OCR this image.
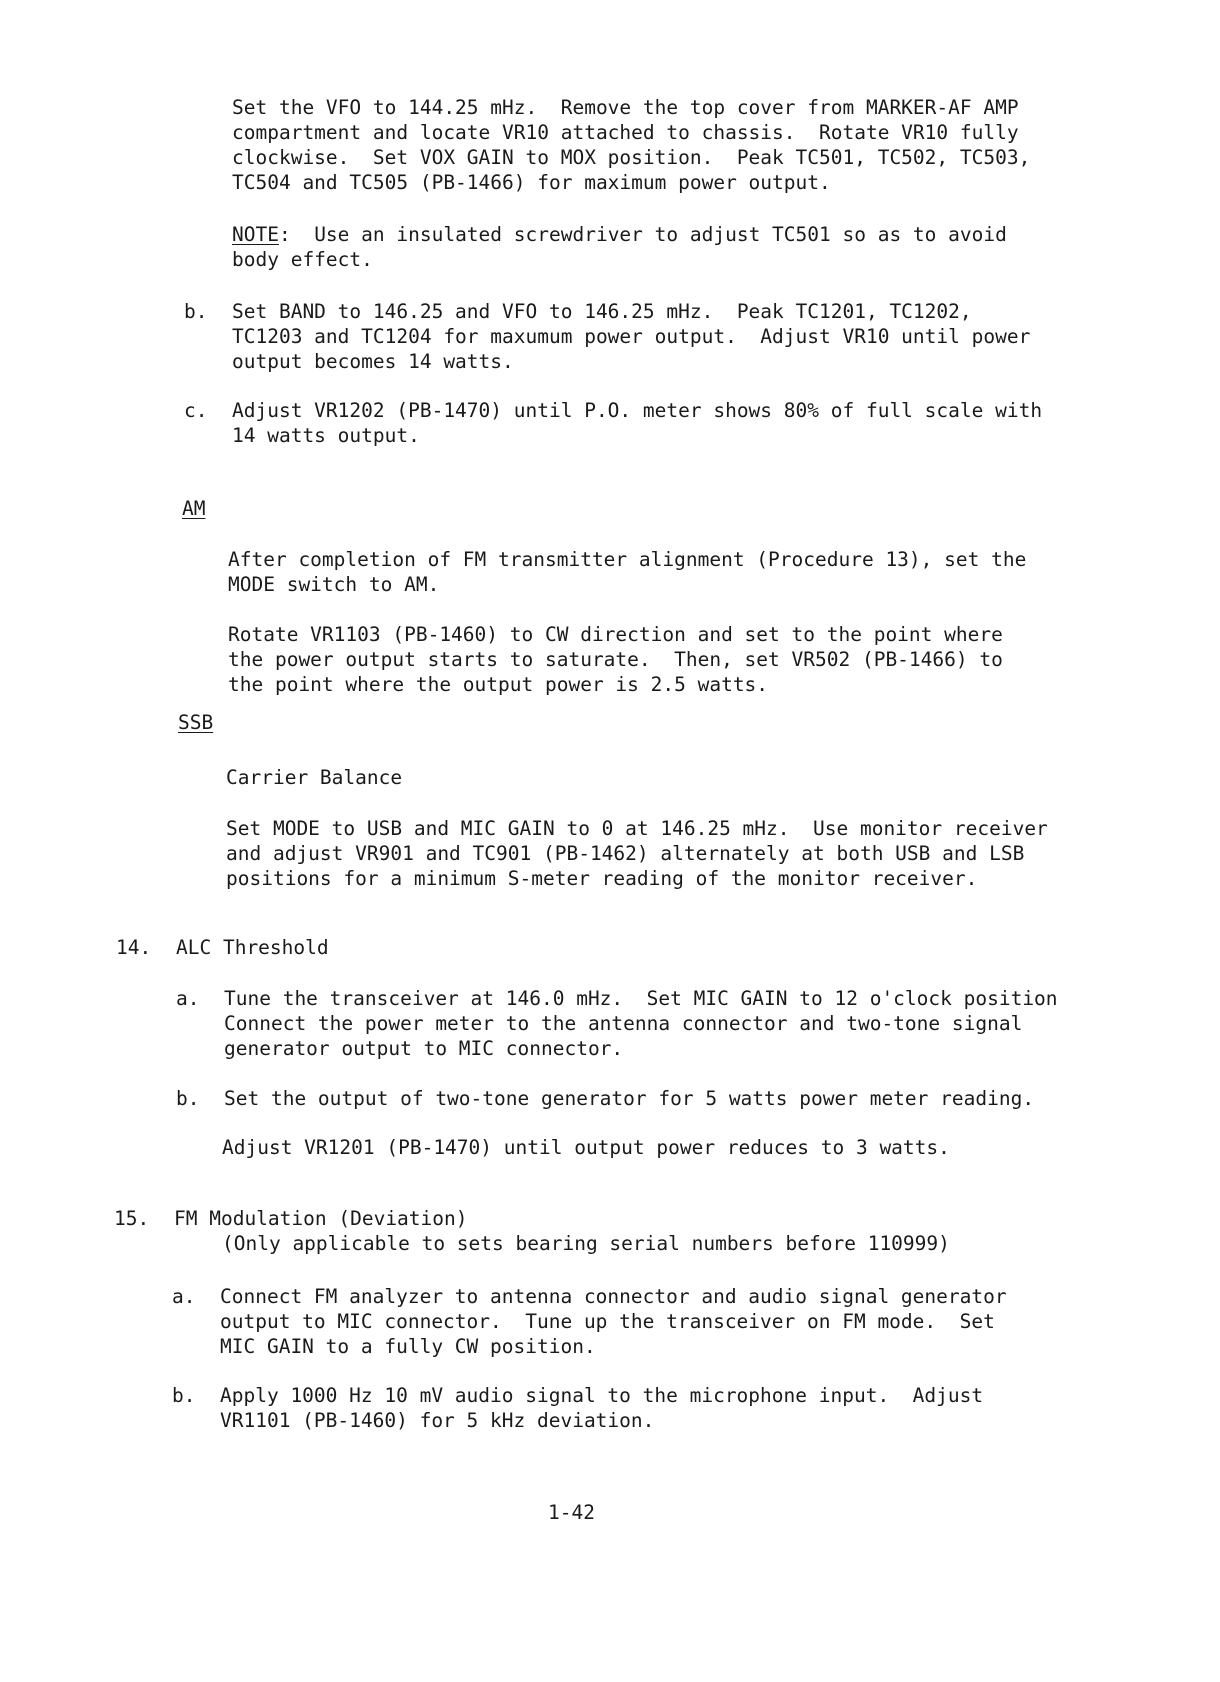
Set the VFO to 144.25 mHz.  Remove the top cover from MARKER-AF AMP
compartment and locate VR10 attached to chassis.  Rotate VR10 fully
clockwise.  Set VOX GAIN to MOX position.  Peak TC501, TC502, TC503,
TC504 and TC505 (PB-1466) for maximum power output.
NOTE:  Use an insulated screwdriver to adjust TC501 so as to avoid
body effect.
b. Set BAND to 146.25 and VFO to 146.25 mHz.  Peak TC1201, TC1202,
TC1203 and TC1204 for maxumum power output.  Adjust VR10 until power
output becomes 14 watts.
c. Adjust VR1202 (PB-1470) until P.O. meter shows 80% of full scale with
14 watts output.
AM
After completion of FM transmitter alignment (Procedure 13), set the
MODE switch to AM.
Rotate VR1103 (PB-1460) to CW direction and set to the point where
the power output starts to saturate.  Then, set VR502 (PB-1466) to
the point where the output power is 2.5 watts.
SSB
Carrier Balance
Set MODE to USB and MIC GAIN to 0 at 146.25 mHz.  Use monitor receiver
and adjust VR901 and TC901 (PB-1462) alternately at both USB and LSB
positions for a minimum S-meter reading of the monitor receiver.
14. ALC Threshold
a. Tune the transceiver at 146.0 mHz.  Set MIC GAIN to 12 o'clock position
Connect the power meter to the antenna connector and two-tone signal
generator output to MIC connector.
b. Set the output of two-tone generator for 5 watts power meter reading.
Adjust VR1201 (PB-1470) until output power reduces to 3 watts.
15. FM Modulation (Deviation)
(Only applicable to sets bearing serial numbers before 110999)
a. Connect FM analyzer to antenna connector and audio signal generator
output to MIC connector.  Tune up the transceiver on FM mode.  Set
MIC GAIN to a fully CW position.
b. Apply 1000 Hz 10 mV audio signal to the microphone input.  Adjust
VR1101 (PB-1460) for 5 kHz deviation.
1-42
